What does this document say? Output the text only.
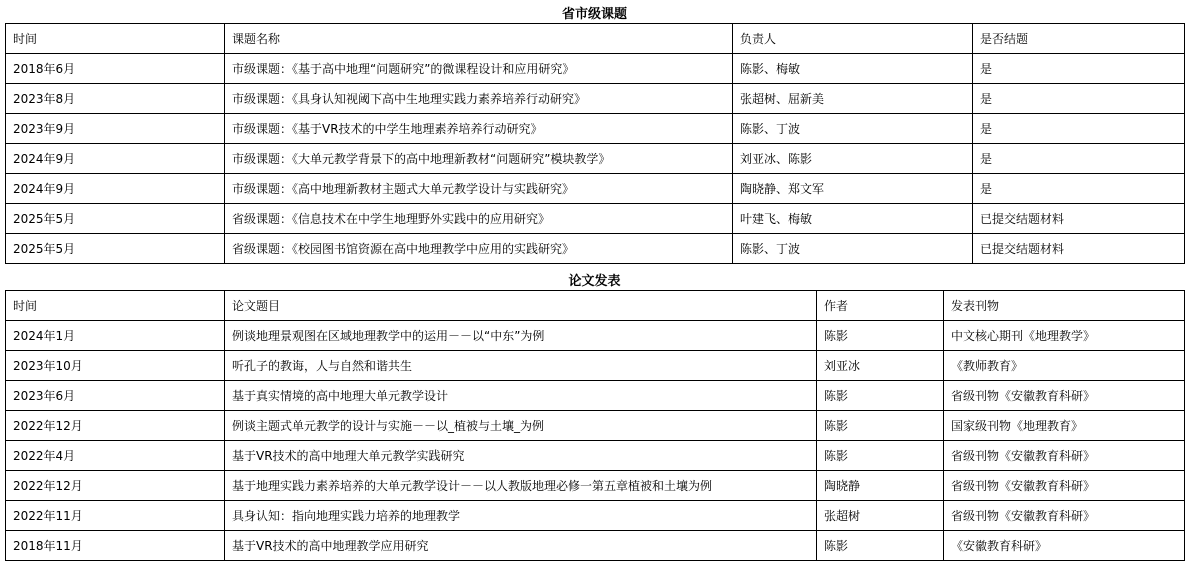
省市级课题
时间	课题名称	负责人	是否结题
2018年6月	市级课题：《基于高中地理“问题研究”的微课程设计和应用研究》	陈影、梅敏	是
2023年8月	市级课题：《具身认知视阈下高中生地理实践力素养培养行动研究》	张超树、屈新美	是
2023年9月	市级课题：《基于VR技术的中学生地理素养培养行动研究》	陈影、丁波	是
2024年9月	市级课题：《大单元教学背景下的高中地理新教材“问题研究”模块教学》	刘亚冰、陈影	是
2024年9月	市级课题：《高中地理新教材主题式大单元教学设计与实践研究》	陶晓静、郑文军	是
2025年5月	省级课题：《信息技术在中学生地理野外实践中的应用研究》	叶建飞、梅敏	已提交结题材料
2025年5月	省级课题：《校园图书馆资源在高中地理教学中应用的实践研究》	陈影、丁波	已提交结题材料
论文发表
时间	论文题目	作者	发表刊物
2024年1月	例谈地理景观图在区域地理教学中的运用－－以“中东”为例	陈影	中文核心期刊《地理教学》
2023年10月	听孔子的教诲，人与自然和谐共生	刘亚冰	《教师教育》
2023年6月	基于真实情境的高中地理大单元教学设计	陈影	省级刊物《安徽教育科研》
2022年12月	例谈主题式单元教学的设计与实施－－以_植被与土壤_为例	陈影	国家级刊物《地理教育》
2022年4月	基于VR技术的高中地理大单元教学实践研究	陈影	省级刊物《安徽教育科研》
2022年12月	基于地理实践力素养培养的大单元教学设计－－以人教版地理必修一第五章植被和土壤为例	陶晓静	省级刊物《安徽教育科研》
2022年11月	具身认知：指向地理实践力培养的地理教学	张超树	省级刊物《安徽教育科研》
2018年11月	基于VR技术的高中地理教学应用研究	陈影	《安徽教育科研》
